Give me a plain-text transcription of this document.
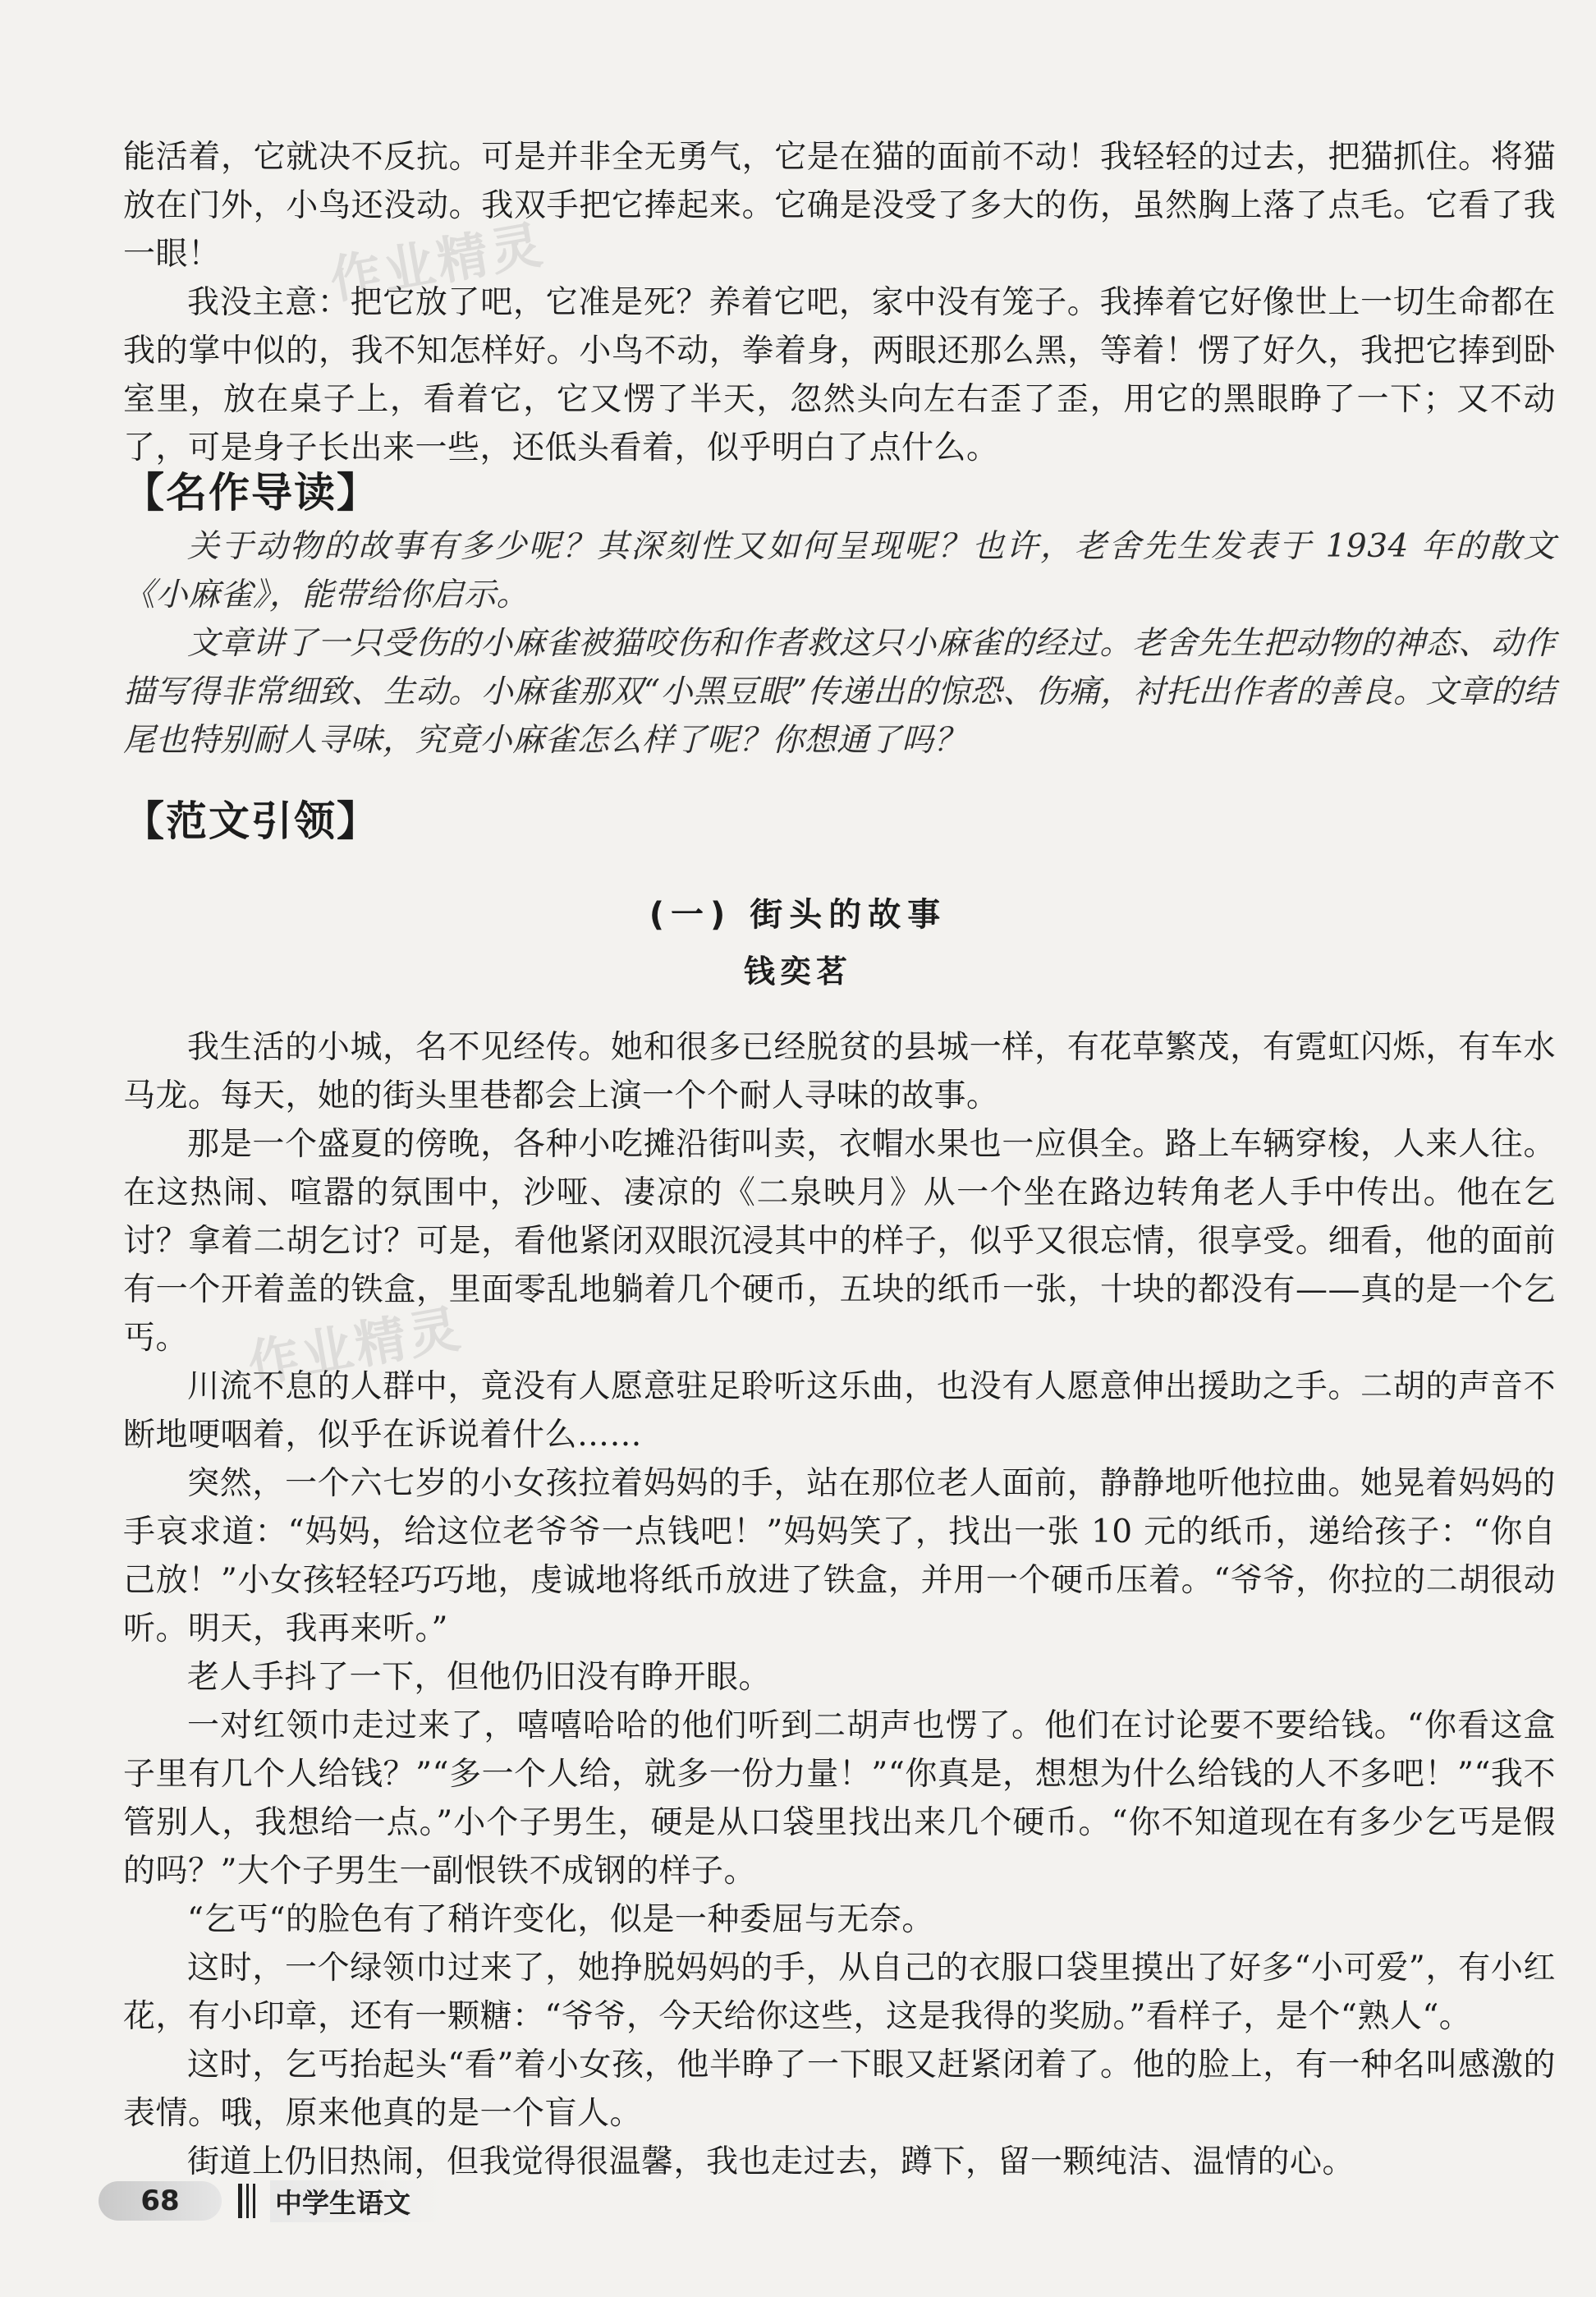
能活着，它就决不反抗。可是并非全无勇气，它是在猫的面前不动！我轻轻的过去，把猫抓住。将猫放在门外，小鸟还没动。我双手把它捧起来。它确是没受了多大的伤，虽然胸上落了点毛。它看了我一眼！

我没主意：把它放了吧，它准是死？养着它吧，家中没有笼子。我捧着它好像世上一切生命都在我的掌中似的，我不知怎样好。小鸟不动，拳着身，两眼还那么黑，等着！愣了好久，我把它捧到卧室里，放在桌子上，看着它，它又愣了半天，忽然头向左右歪了歪，用它的黑眼睁了一下；又不动了，可是身子长出来一些，还低头看着，似乎明白了点什么。

作业精灵
【名作导读】

关于动物的故事有多少呢？其深刻性又如何呈现呢？也许，老舍先生发表于 1934 年的散文《小麻雀》，能带给你启示。

文章讲了一只受伤的小麻雀被猫咬伤和作者救这只小麻雀的经过。老舍先生把动物的神态、动作描写得非常细致、生动。小麻雀那双“小黑豆眼”传递出的惊恐、伤痛，衬托出作者的善良。文章的结尾也特别耐人寻味，究竟小麻雀怎么样了呢？你想通了吗？

【范文引领】
(一) 街头的故事
钱奕茗

我生活的小城，名不见经传。她和很多已经脱贫的县城一样，有花草繁茂，有霓虹闪烁，有车水马龙。每天，她的街头里巷都会上演一个个耐人寻味的故事。

那是一个盛夏的傍晚，各种小吃摊沿街叫卖，衣帽水果也一应俱全。路上车辆穿梭，人来人往。在这热闹、喧嚣的氛围中，沙哑、凄凉的《二泉映月》从一个坐在路边转角老人手中传出。他在乞讨？拿着二胡乞讨？可是，看他紧闭双眼沉浸其中的样子，似乎又很忘情，很享受。细看，他的面前有一个开着盖的铁盒，里面零乱地躺着几个硬币，五块的纸币一张，十块的都没有——真的是一个乞丐。

川流不息的人群中，竟没有人愿意驻足聆听这乐曲，也没有人愿意伸出援助之手。二胡的声音不断地哽咽着，似乎在诉说着什么……

突然，一个六七岁的小女孩拉着妈妈的手，站在那位老人面前，静静地听他拉曲。她晃着妈妈的手哀求道：“妈妈，给这位老爷爷一点钱吧！”妈妈笑了，找出一张 10 元的纸币，递给孩子：“你自己放！”小女孩轻轻巧巧地，虔诚地将纸币放进了铁盒，并用一个硬币压着。“爷爷，你拉的二胡很动听。明天，我再来听。”

老人手抖了一下，但他仍旧没有睁开眼。

一对红领巾走过来了，嘻嘻哈哈的他们听到二胡声也愣了。他们在讨论要不要给钱。“你看这盒子里有几个人给钱？”“多一个人给，就多一份力量！”“你真是，想想为什么给钱的人不多吧！”“我不管别人，我想给一点。”小个子男生，硬是从口袋里找出来几个硬币。“你不知道现在有多少乞丐是假的吗？”大个子男生一副恨铁不成钢的样子。

“乞丐“的脸色有了稍许变化，似是一种委屈与无奈。

这时，一个绿领巾过来了，她挣脱妈妈的手，从自己的衣服口袋里摸出了好多“小可爱”，有小红花，有小印章，还有一颗糖：“爷爷，今天给你这些，这是我得的奖励。”看样子，是个“熟人“。

这时，乞丐抬起头“看”着小女孩，他半睁了一下眼又赶紧闭着了。他的脸上，有一种名叫感激的表情。哦，原来他真的是一个盲人。

街道上仍旧热闹，但我觉得很温馨，我也走过去，蹲下，留一颗纯洁、温情的心。

作业精灵
68	中学生语文
